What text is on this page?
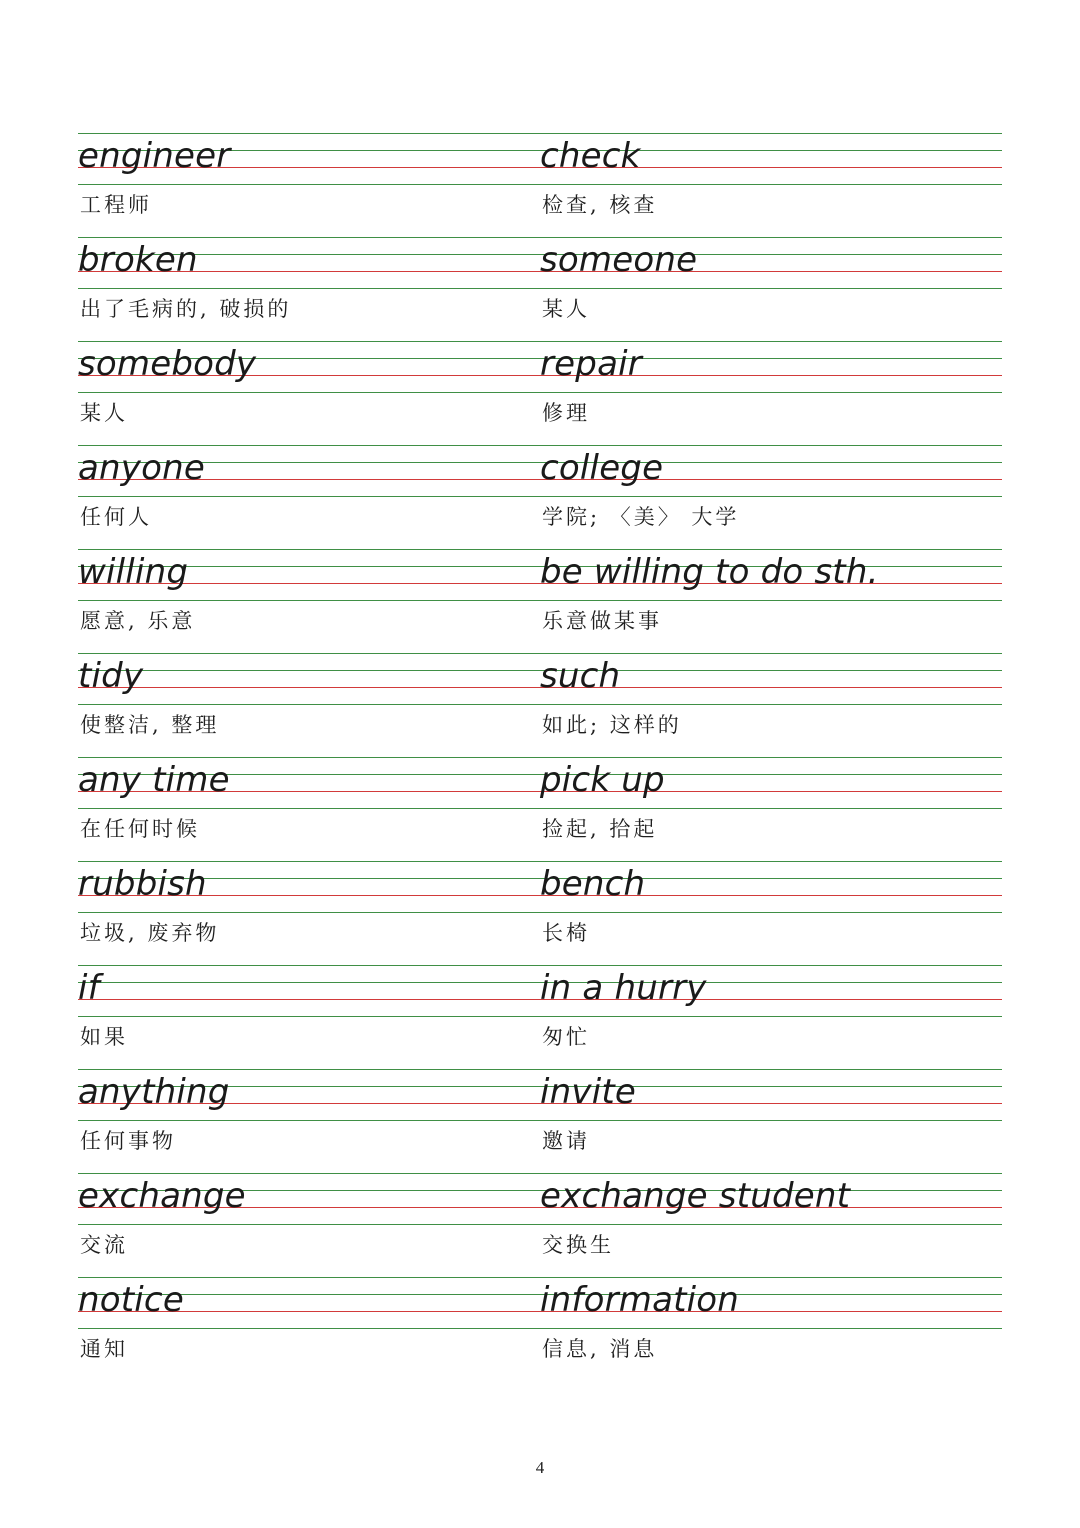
engineer
工程师
check
检查, 核查
broken
出了毛病的, 破损的
someone
某人
somebody
某人
repair
修理
anyone
任何人
college
学院; 〈美〉 大学
willing
愿意, 乐意
be willing to do sth.
乐意做某事
tidy
使整洁, 整理
such
如此; 这样的
any time
在任何时候
pick up
捡起, 拾起
rubbish
垃圾, 废弃物
bench
长椅
if
如果
in a hurry
匆忙
anything
任何事物
invite
邀请
exchange
交流
exchange student
交换生
notice
通知
information
信息, 消息
4
